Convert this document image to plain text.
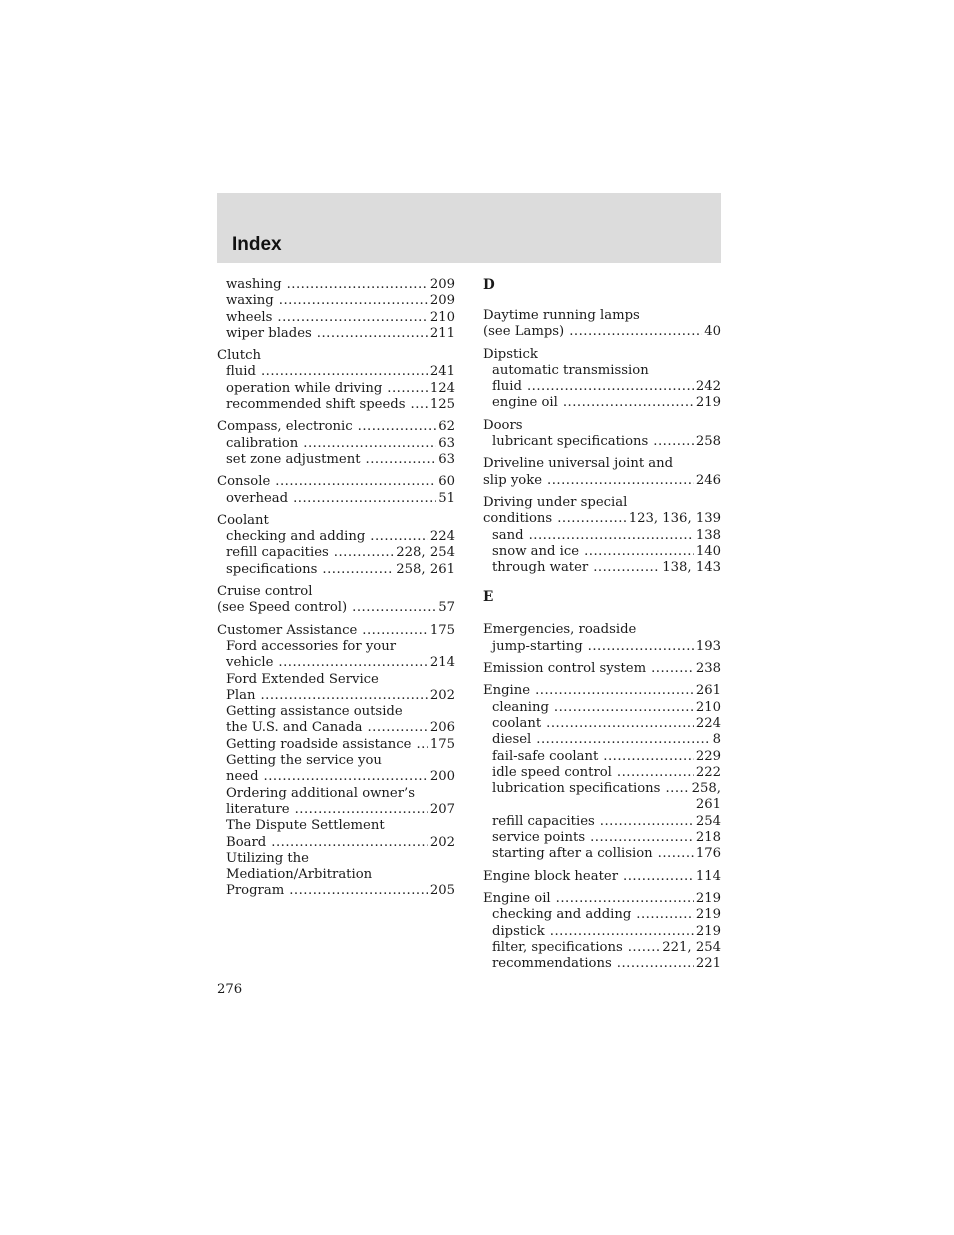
Index
washing .....	209
waxing .....	209
wheels .....	210
wiper blades .....	211
Clutch
fluid .....	241
operation while driving .....	124
recommended shift speeds ..... 125
Compass, electronic .....	62
calibration .....	63
set zone adjustment .....	63
Console .....	60
overhead .....	51
Coolant
checking and adding .....	224
refill capacities .....	228, 254
specifications .....	258, 261
Cruise control
(see Speed control) .....	57
Customer Assistance .....	175
Ford accessories for your
vehicle .....	214
Ford Extended Service
Plan .....	202
Getting assistance outside
the U.S. and Canada .....	206
Getting roadside assistance ..... 175
Getting the service you
need .....	200
Ordering additional owner’s
literature .....	207
The Dispute Settlement
Board .....	202
Utilizing the
Mediation/Arbitration
Program .....	205
D
Daytime running lamps
(see Lamps) .....	40
Dipstick
automatic transmission
fluid .....	242
engine oil .....	219
Doors
lubricant specifications .....	258
Driveline universal joint and
slip yoke .....	246
Driving under special
conditions .....	123, 136, 139
sand .....	138
snow and ice .....	140
through water .....	138, 143
E
Emergencies, roadside
jump-starting .....	193
Emission control system .....	238
Engine .....	261
cleaning .....	210
coolant .....	224
diesel .....	8
fail-safe coolant .....	229
idle speed control .....	222
lubrication specifications ..... 258,
261
refill capacities .....	254
service points .....	218
starting after a collision .....	176
Engine block heater .....	114
Engine oil .....	219
checking and adding .....	219
dipstick .....	219
filter, specifications .....	221, 254
recommendations .....	221
276
